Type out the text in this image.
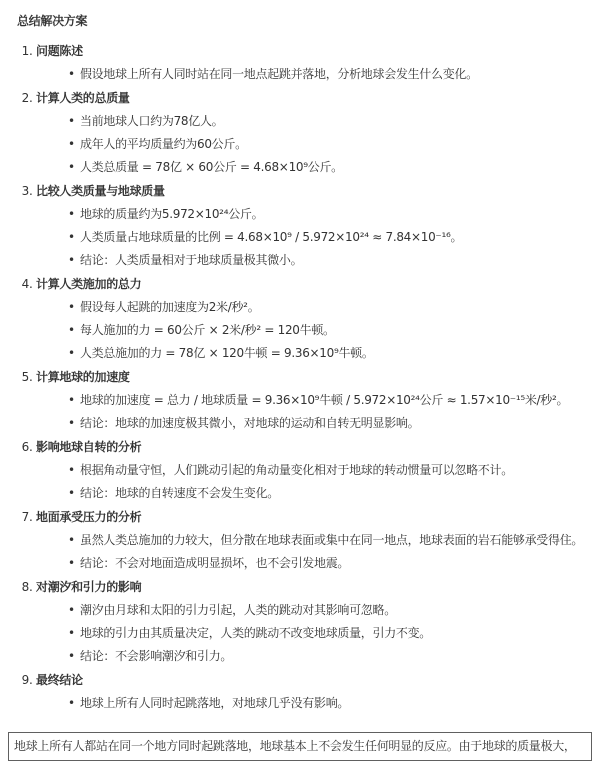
总结解决方案

1. 问题陈述
• 假设地球上所有人同时站在同一地点起跳并落地，分析地球会发生什么变化。
2. 计算人类的总质量
• 当前地球人口约为78亿人。
• 成年人的平均质量约为60公斤。
• 人类总质量 = 78亿 × 60公斤 = 4.68×10⁹公斤。
3. 比较人类质量与地球质量
• 地球的质量约为5.972×10²⁴公斤。
• 人类质量占地球质量的比例 = 4.68×10⁹ / 5.972×10²⁴ ≈ 7.84×10⁻¹⁶。
• 结论：人类质量相对于地球质量极其微小。
4. 计算人类施加的总力
• 假设每人起跳的加速度为2米/秒²。
• 每人施加的力 = 60公斤 × 2米/秒² = 120牛顿。
• 人类总施加的力 = 78亿 × 120牛顿 = 9.36×10⁹牛顿。
5. 计算地球的加速度
• 地球的加速度 = 总力 / 地球质量 = 9.36×10⁹牛顿 / 5.972×10²⁴公斤 ≈ 1.57×10⁻¹⁵米/秒²。
• 结论：地球的加速度极其微小，对地球的运动和自转无明显影响。
6. 影响地球自转的分析
• 根据角动量守恒，人们跳动引起的角动量变化相对于地球的转动惯量可以忽略不计。
• 结论：地球的自转速度不会发生变化。
7. 地面承受压力的分析
• 虽然人类总施加的力较大，但分散在地球表面或集中在同一地点，地球表面的岩石能够承受得住。
• 结论：不会对地面造成明显损坏，也不会引发地震。
8. 对潮汐和引力的影响
• 潮汐由月球和太阳的引力引起，人类的跳动对其影响可忽略。
• 地球的引力由其质量决定，人类的跳动不改变地球质量，引力不变。
• 结论：不会影响潮汐和引力。
9. 最终结论
• 地球上所有人同时起跳落地，对地球几乎没有影响。
地球上所有人都站在同一个地方同时起跳落地，地球基本上不会发生任何明显的反应。由于地球的质量极大，
